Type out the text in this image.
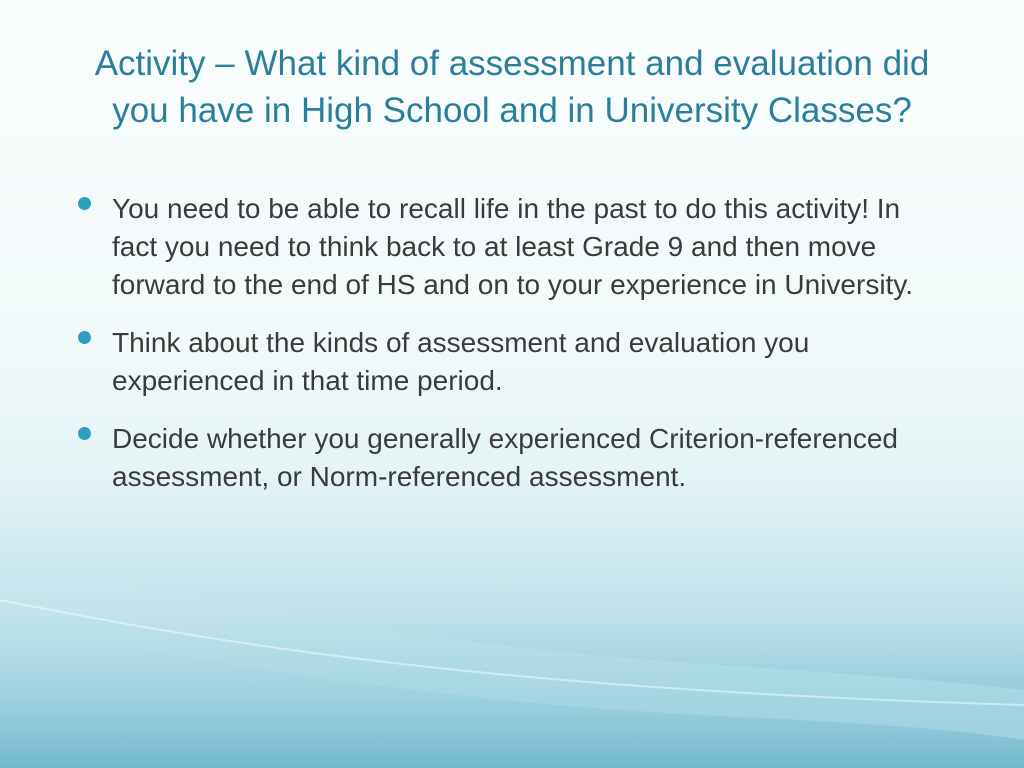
Activity – What kind of assessment and evaluation did you have in High School and in University Classes?
You need to be able to recall life in the past to do this activity! In fact you need to think back to at least Grade 9 and then move forward to the end of HS and on to your experience in University.
Think about the kinds of assessment and evaluation you experienced in that time period.
Decide whether you generally experienced Criterion-referenced assessment, or Norm-referenced assessment.
